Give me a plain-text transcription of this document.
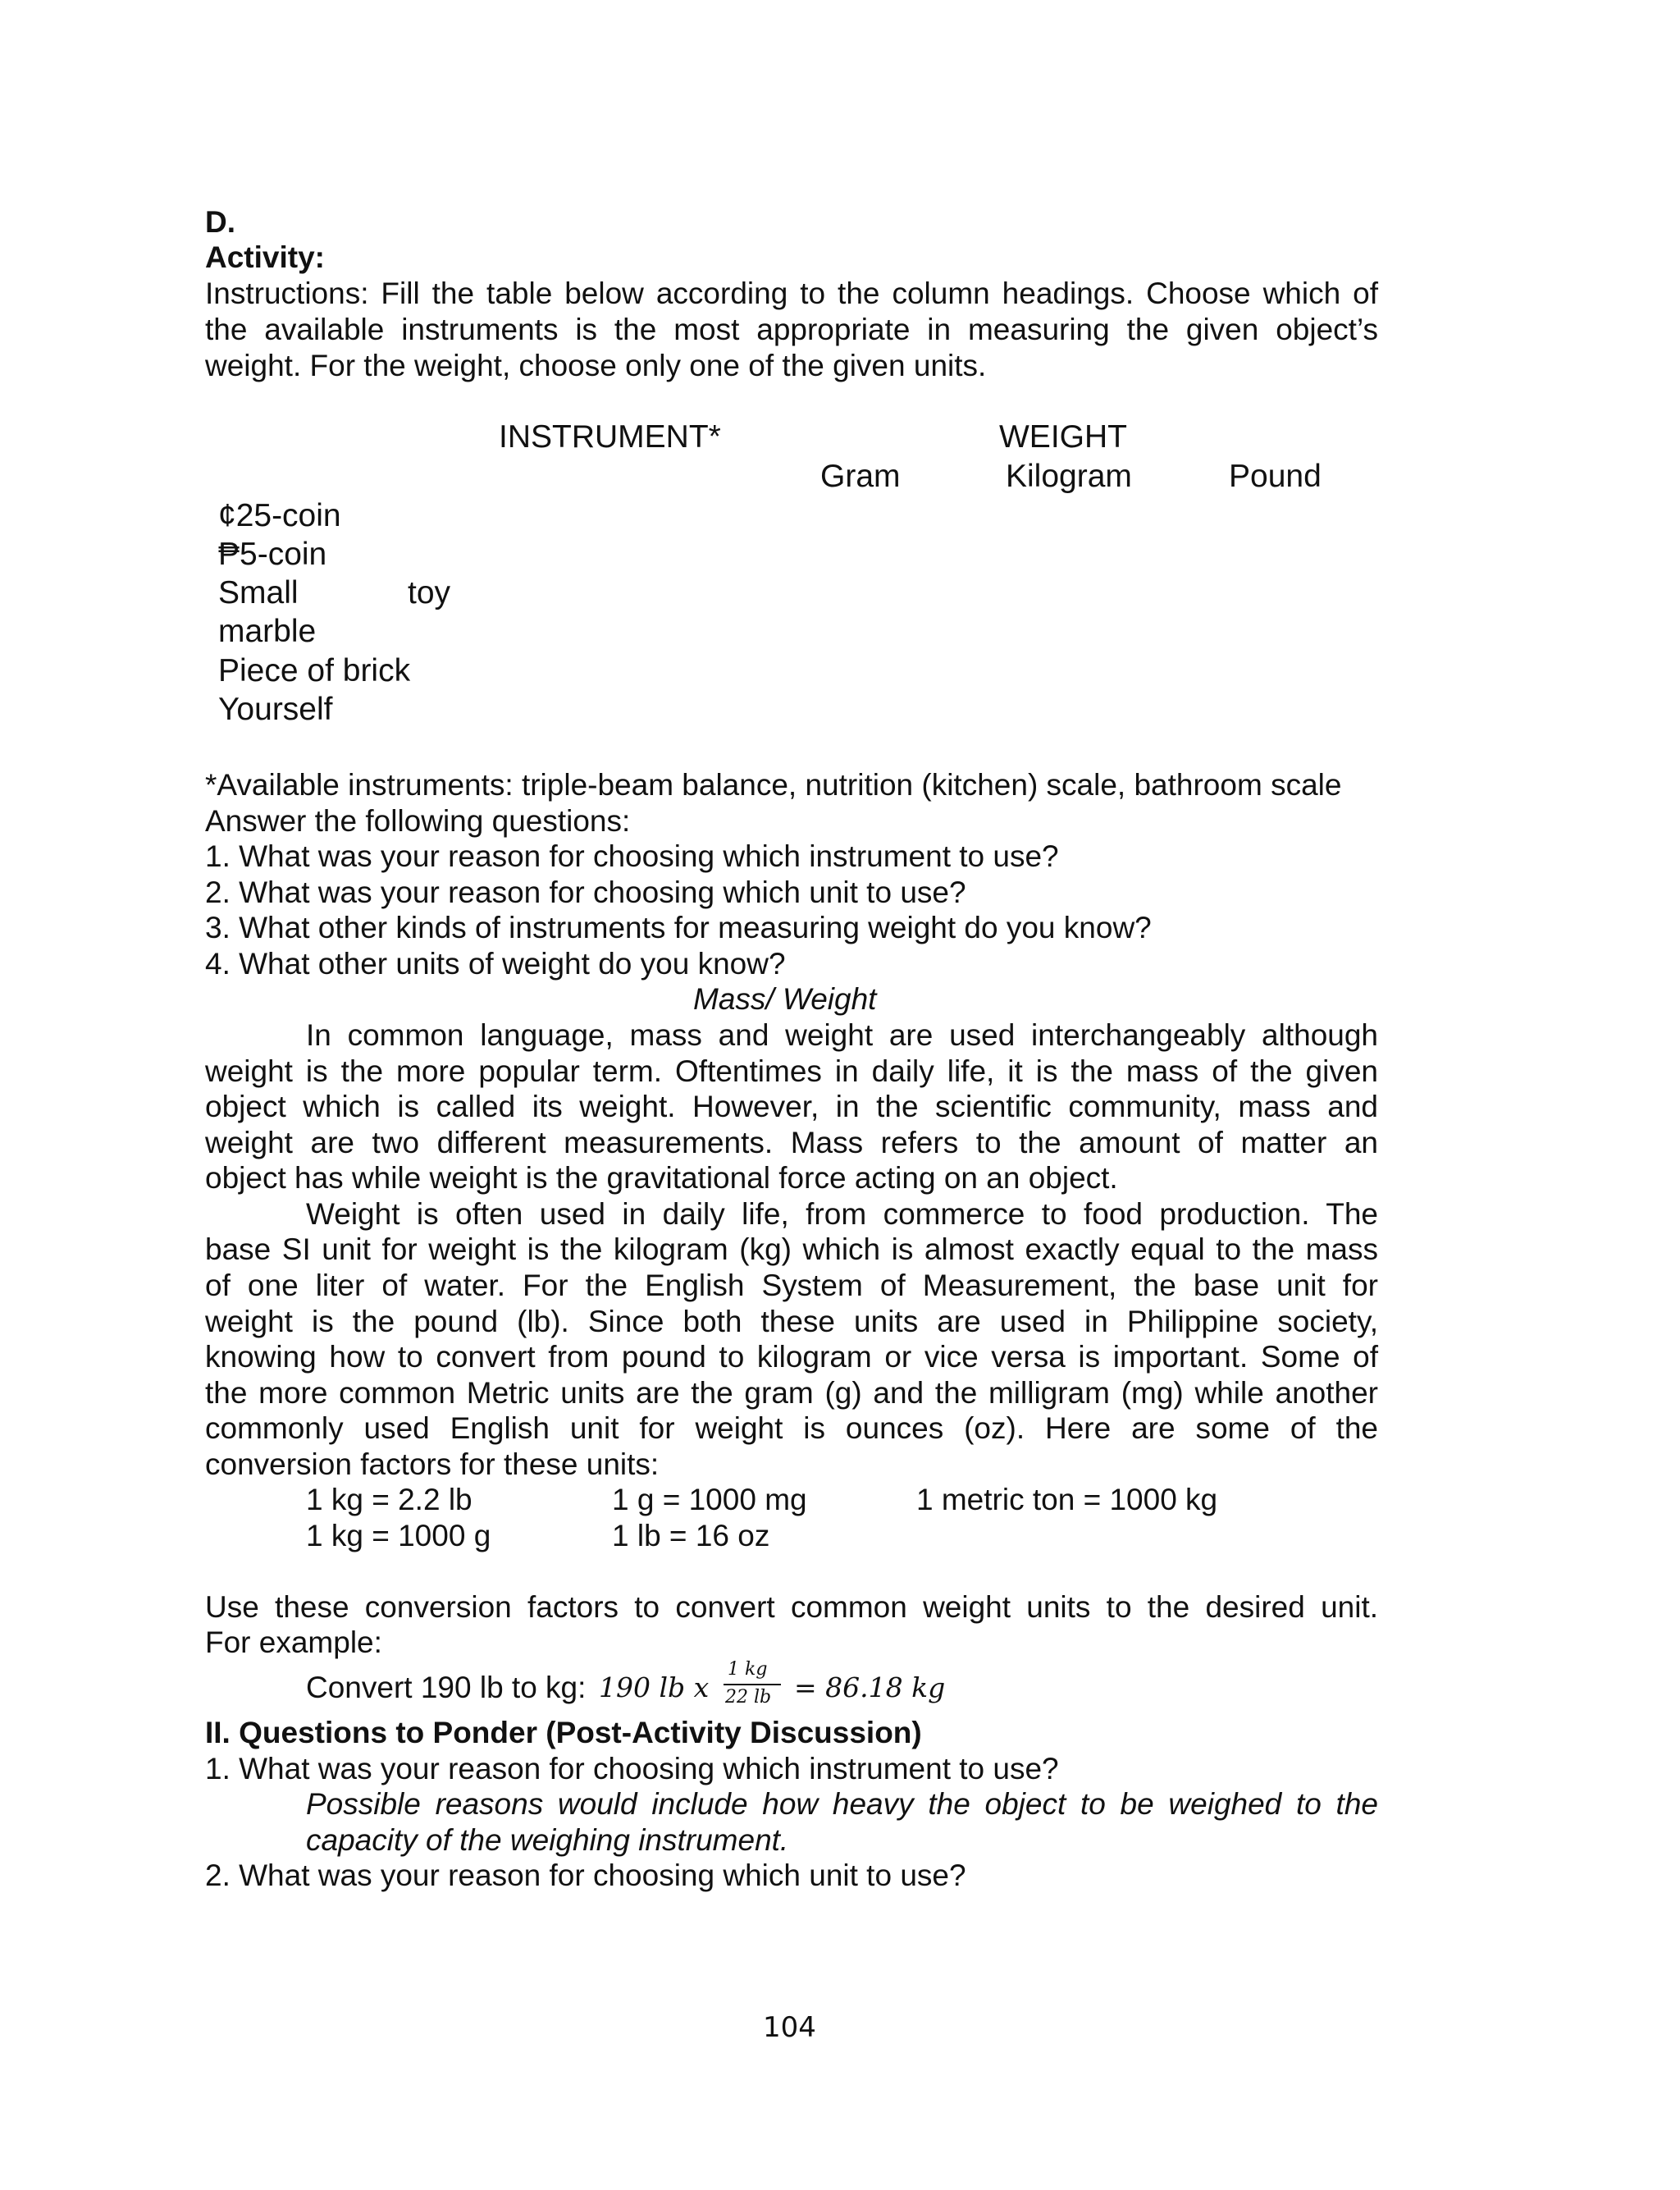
D.
Activity:
Instructions: Fill the table below according to the column headings. Choose which of
the available instruments is the most appropriate in measuring the given object’s
weight. For the weight, choose only one of the given units.
INSTRUMENT*	WEIGHT
Gram	Kilogram	Pound
¢25-coin
₱5-coin
Small	toy
marble
Piece of brick
Yourself
*Available instruments: triple-beam balance, nutrition (kitchen) scale, bathroom scale
Answer the following questions:
1. What was your reason for choosing which instrument to use?
2. What was your reason for choosing which unit to use?
3. What other kinds of instruments for measuring weight do you know?
4. What other units of weight do you know?
Mass/ Weight
In common language, mass and weight are used interchangeably although
weight is the more popular term. Oftentimes in daily life, it is the mass of the given
object which is called its weight. However, in the scientific community, mass and
weight are two different measurements. Mass refers to the amount of matter an
object has while weight is the gravitational force acting on an object.
Weight is often used in daily life, from commerce to food production. The
base SI unit for weight is the kilogram (kg) which is almost exactly equal to the mass
of one liter of water. For the English System of Measurement, the base unit for
weight is the pound (lb). Since both these units are used in Philippine society,
knowing how to convert from pound to kilogram or vice versa is important. Some of
the more common Metric units are the gram (g) and the milligram (mg) while another
commonly used English unit for weight is ounces (oz). Here are some of the
conversion factors for these units:
1 kg = 2.2 lb	1 g = 1000 mg	1 metric ton = 1000 kg
1 kg = 1000 g	1 lb = 16 oz
Use these conversion factors to convert common weight units to the desired unit.
For example:
Convert 190 lb to kg: 190 lb x
1 kg
22 lb = 86.18 kg
II. Questions to Ponder (Post-Activity Discussion)
1. What was your reason for choosing which instrument to use?
Possible reasons would include how heavy the object to be weighed to the
capacity of the weighing instrument.
2. What was your reason for choosing which unit to use?
104
